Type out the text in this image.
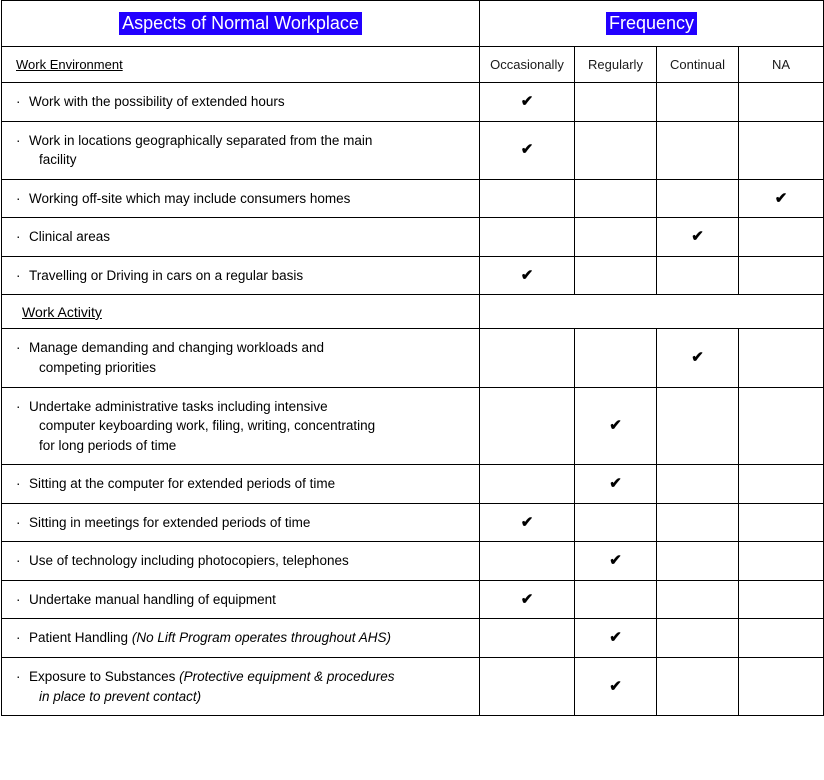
Aspects of Normal Workplace	Frequency			
Work Environment	Occasionally	Regularly	Continual	NA
· Work with the possibility of extended hours	✔			
· Work in locations geographically separated from the main
facility	✔			
· Working off-site which may include consumers homes				✔
· Clinical areas			✔	
· Travelling or Driving in cars on a regular basis	✔			
Work Activity				
· Manage demanding and changing workloads and
competing priorities			✔	
· Undertake administrative tasks including intensive
computer keyboarding work, filing, writing, concentrating
for long periods of time		✔		
· Sitting at the computer for extended periods of time		✔		
· Sitting in meetings for extended periods of time	✔			
· Use of technology including photocopiers, telephones		✔		
· Undertake manual handling of equipment	✔			
· Patient Handling (No Lift Program operates throughout AHS)		✔		
· Exposure to Substances (Protective equipment & procedures
in place to prevent contact)		✔		
